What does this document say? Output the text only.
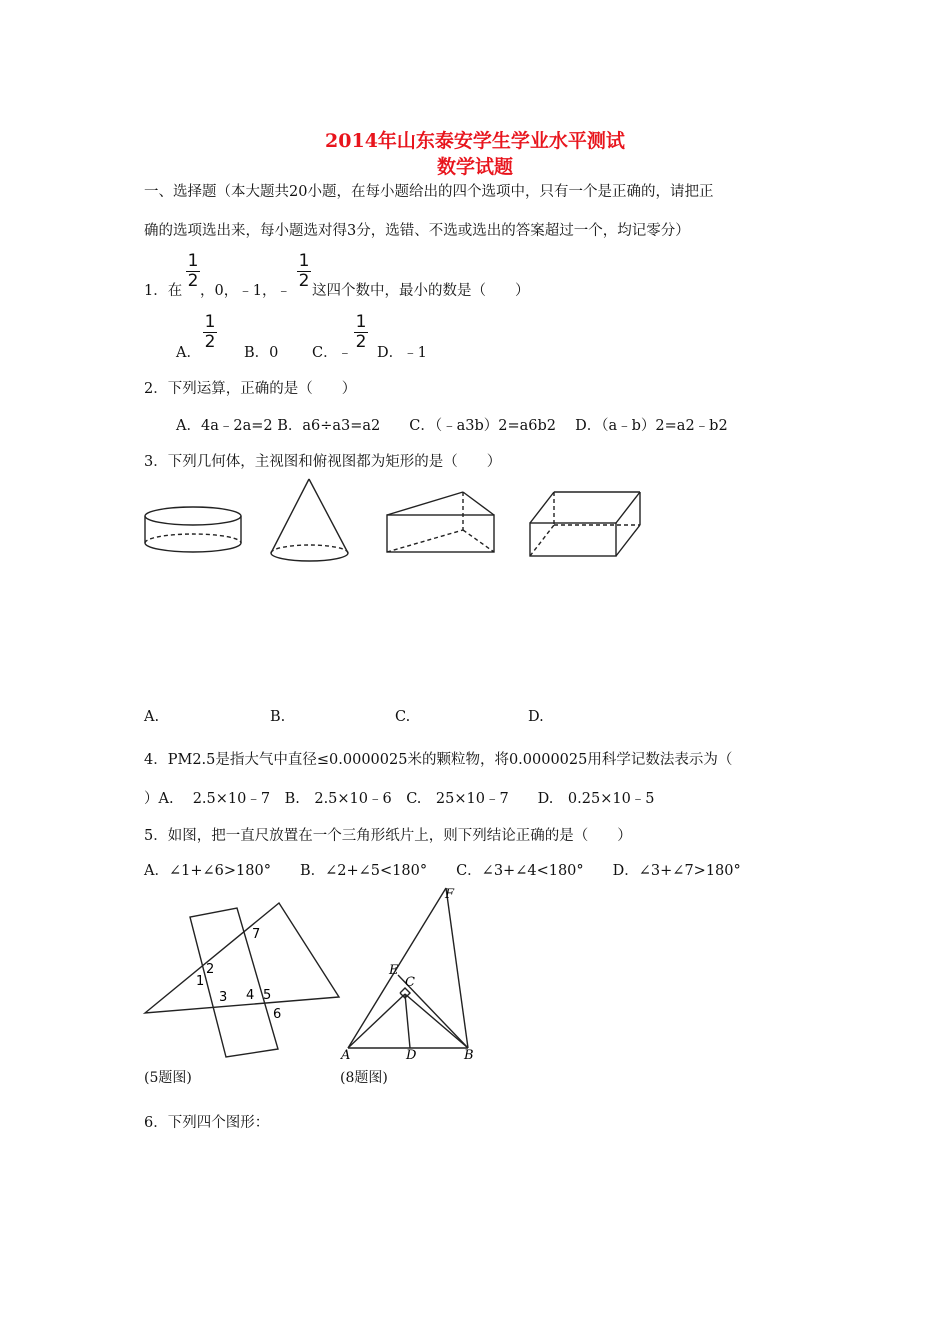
2014年山东泰安学生学业水平测试
数学试题
一、选择题（本大题共20小题，在每小题给出的四个选项中，只有一个是正确的，请把正
确的选项选出来，每小题选对得3分，选错、不选或选出的答案超过一个，均记零分）
1．在
$\frac{1}{2}$
，0，﹣1，﹣
$\frac{1}{2}$
这四个数中，最小的数是（　　）
A．
$\frac{1}{2}$
B．0 C．﹣
$\frac{1}{2}$
D．﹣1
2．下列运算，正确的是（　　）
A．4a﹣2a=2 B．a6÷a3=a2　　C．（﹣a3b）2=a6b2　 D．（a﹣b）2=a2﹣b2
3．下列几何体，主视图和俯视图都为矩形的是（　　）
A.	B.	C.	D.
4．PM2.5是指大气中直径≤0.0000025米的颗粒物，将0.0000025用科学记数法表示为（
）A.　 2.5×10﹣7　B.　2.5×10﹣6　C.　25×10﹣7　　D.　0.25×10﹣5
5．如图，把一直尺放置在一个三角形纸片上，则下列结论正确的是（　　）
A．∠1+∠6>180°　　B．∠2+∠5<180°　　C．∠3+∠4<180°　　D．∠3+∠7>180°
7
2
1
3 4 5
6
F
E
C
A	D	B
(5题图)	(8题图)
6．下列四个图形：
